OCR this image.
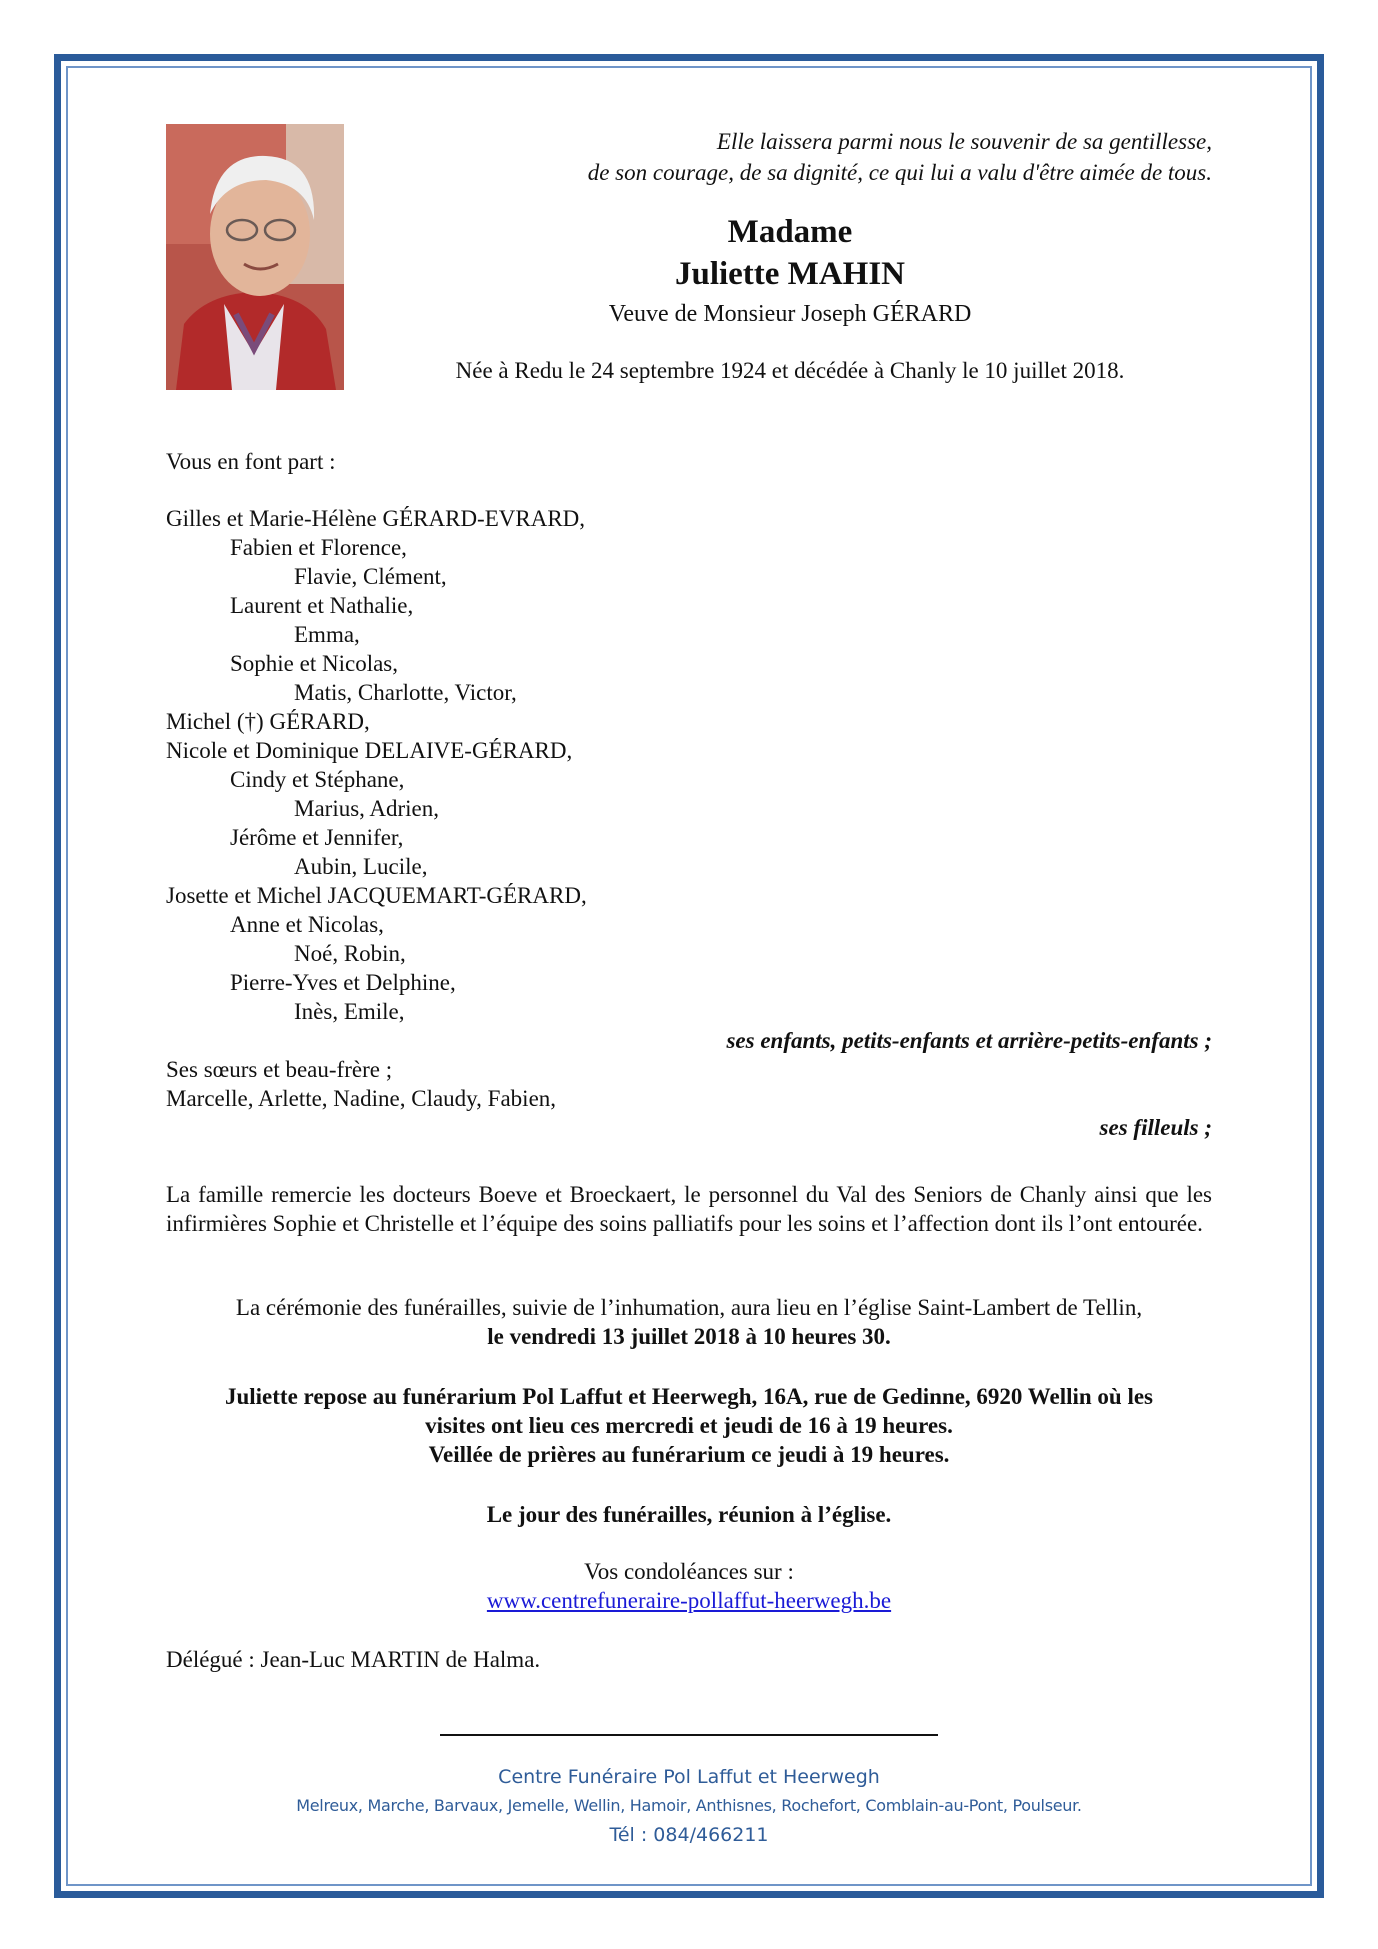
Elle laissera parmi nous le souvenir de sa gentillesse,
de son courage, de sa dignité, ce qui lui a valu d'être aimée de tous.
Madame
Juliette MAHIN
Veuve de Monsieur Joseph GÉRARD
Née à Redu le 24 septembre 1924 et décédée à Chanly le 10 juillet 2018.
Vous en font part :
Gilles et Marie-Hélène GÉRARD-EVRARD,
Fabien et Florence,
Flavie, Clément,
Laurent et Nathalie,
Emma,
Sophie et Nicolas,
Matis, Charlotte, Victor,
Michel (†) GÉRARD,
Nicole et Dominique DELAIVE-GÉRARD,
Cindy et Stéphane,
Marius, Adrien,
Jérôme et Jennifer,
Aubin, Lucile,
Josette et Michel JACQUEMART-GÉRARD,
Anne et Nicolas,
Noé, Robin,
Pierre-Yves et Delphine,
Inès, Emile,
ses enfants, petits-enfants et arrière-petits-enfants ;
Ses sœurs et beau-frère ;
Marcelle, Arlette, Nadine, Claudy, Fabien,
ses filleuls ;
La famille remercie les docteurs Boeve et Broeckaert, le personnel du Val des Seniors de Chanly ainsi que les infirmières Sophie et Christelle et l’équipe des soins palliatifs pour les soins et l’affection dont ils l’ont entourée.
La cérémonie des funérailles, suivie de l’inhumation, aura lieu en l’église Saint-Lambert de Tellin,
le vendredi 13 juillet 2018 à 10 heures 30.
Juliette repose au funérarium Pol Laffut et Heerwegh, 16A, rue de Gedinne, 6920 Wellin où les
visites ont lieu ces mercredi et jeudi de 16 à 19 heures.
Veillée de prières au funérarium ce jeudi à 19 heures.
Le jour des funérailles, réunion à l’église.
Vos condoléances sur :
www.centrefuneraire-pollaffut-heerwegh.be
Délégué : Jean-Luc MARTIN de Halma.
Centre Funéraire Pol Laffut et Heerwegh
Melreux, Marche, Barvaux, Jemelle, Wellin, Hamoir, Anthisnes, Rochefort, Comblain-au-Pont, Poulseur.
Tél : 084/466211
